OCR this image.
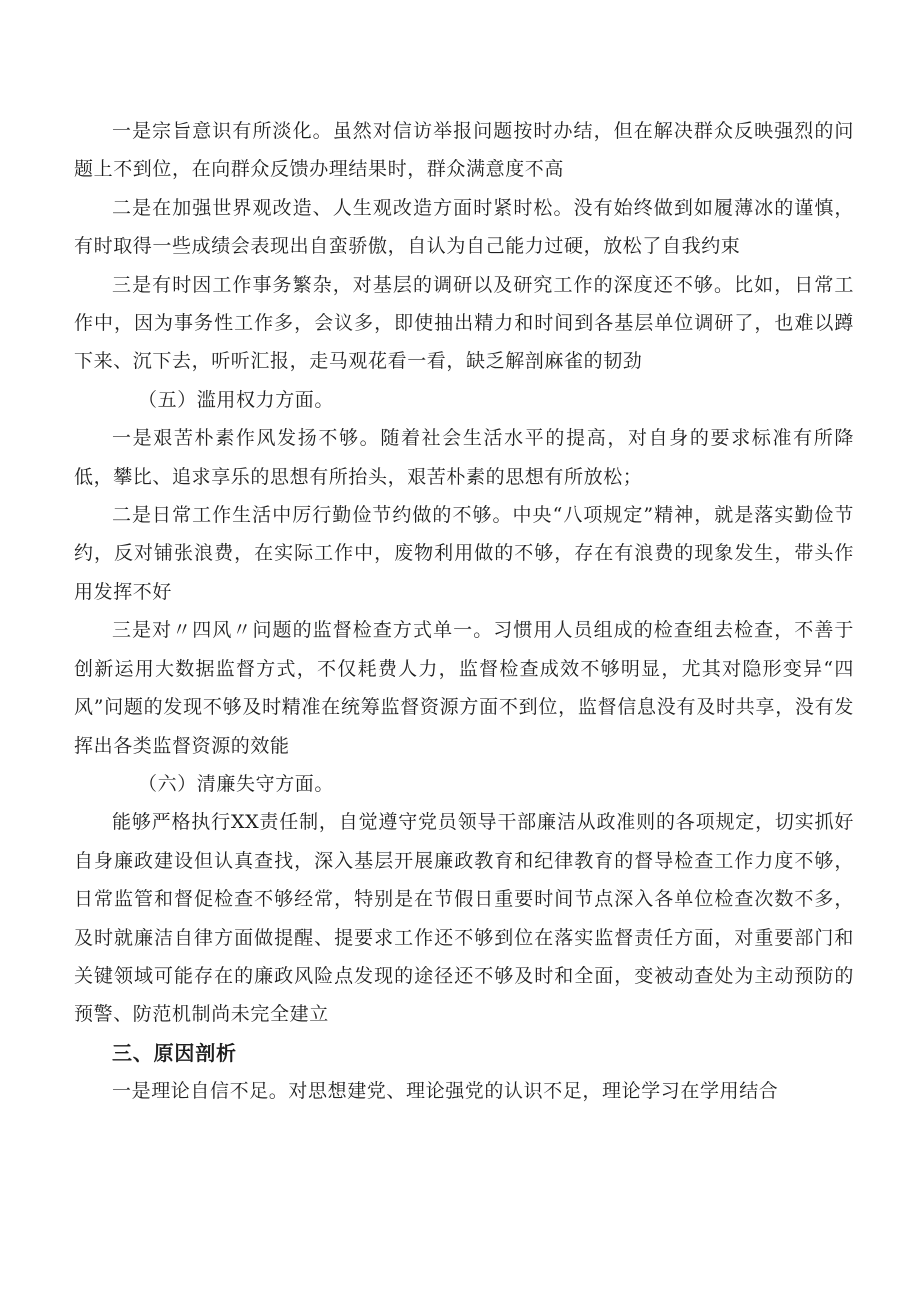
一是宗旨意识有所淡化。虽然对信访举报问题按时办结，但在解决群众反映强烈的问题上不到位，在向群众反馈办理结果时，群众满意度不高

二是在加强世界观改造、人生观改造方面时紧时松。没有始终做到如履薄冰的谨慎，有时取得一些成绩会表现出自蛮骄傲，自认为自己能力过硬，放松了自我约束

三是有时因工作事务繁杂，对基层的调研以及研究工作的深度还不够。比如，日常工作中，因为事务性工作多，会议多，即使抽出精力和时间到各基层单位调研了，也难以蹲下来、沉下去，听听汇报，走马观花看一看，缺乏解剖麻雀的韧劲

（五）滥用权力方面。

一是艰苦朴素作风发扬不够。随着社会生活水平的提高，对自身的要求标准有所降低，攀比、追求享乐的思想有所抬头，艰苦朴素的思想有所放松；

二是日常工作生活中厉行勤俭节约做的不够。中央“八项规定”精神，就是落实勤俭节约，反对铺张浪费，在实际工作中，废物利用做的不够，存在有浪费的现象发生，带头作用发挥不好

三是对〃四风〃问题的监督检查方式单一。习惯用人员组成的检查组去检查，不善于创新运用大数据监督方式，不仅耗费人力，监督检查成效不够明显，尤其对隐形变异“四风”问题的发现不够及时精准在统筹监督资源方面不到位，监督信息没有及时共享，没有发挥出各类监督资源的效能

（六）清廉失守方面。

能够严格执行XX责任制，自觉遵守党员领导干部廉洁从政准则的各项规定，切实抓好自身廉政建设但认真查找，深入基层开展廉政教育和纪律教育的督导检查工作力度不够，日常监管和督促检查不够经常，特别是在节假日重要时间节点深入各单位检查次数不多，及时就廉洁自律方面做提醒、提要求工作还不够到位在落实监督责任方面，对重要部门和关键领域可能存在的廉政风险点发现的途径还不够及时和全面，变被动查处为主动预防的预警、防范机制尚未完全建立

三、原因剖析

一是理论自信不足。对思想建党、理论强党的认识不足，理论学习在学用结合
